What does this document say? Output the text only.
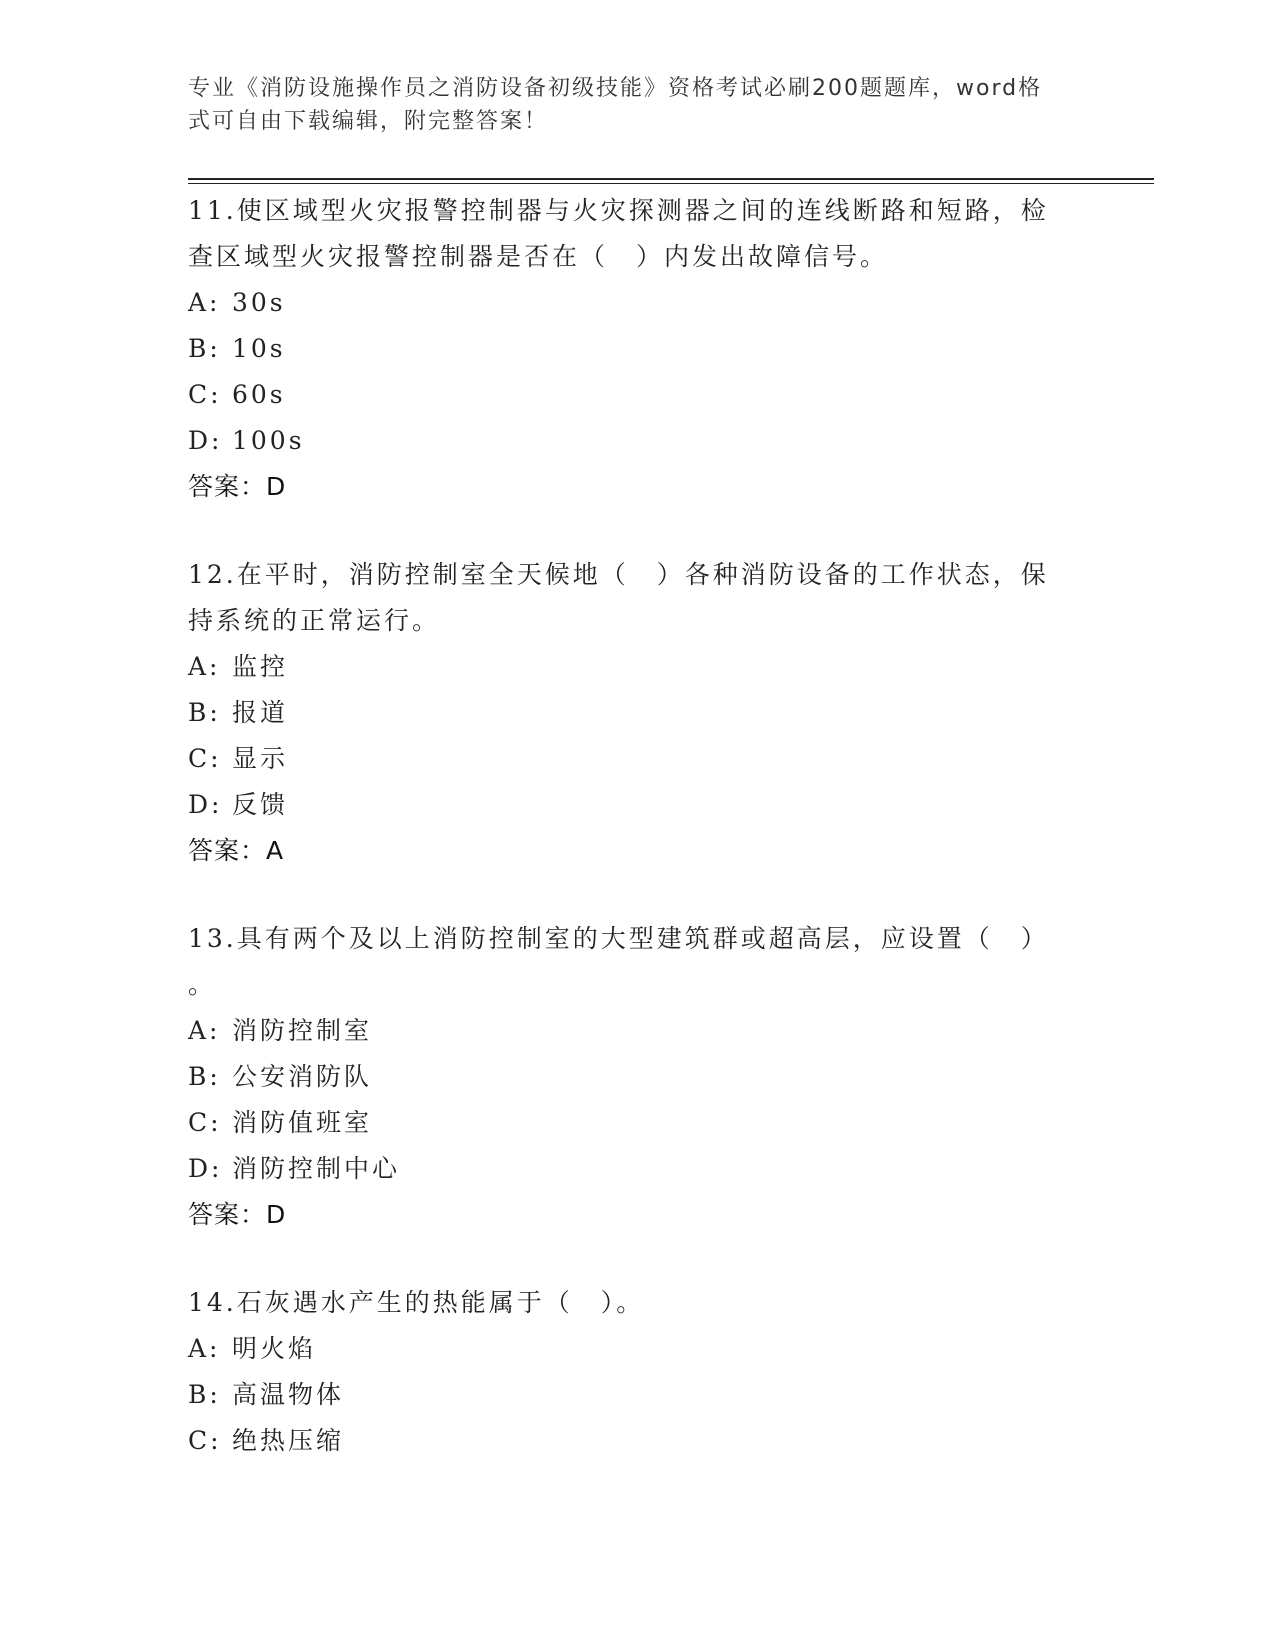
专业《消防设施操作员之消防设备初级技能》资格考试必刷200题题库，word格
式可自由下载编辑，附完整答案！
11.使区域型火灾报警控制器与火灾探测器之间的连线断路和短路，检
查区域型火灾报警控制器是否在（　）内发出故障信号。
A: 30s
B: 10s
C: 60s
D: 100s
答案：D
12.在平时，消防控制室全天候地（　）各种消防设备的工作状态，保
持系统的正常运行。
A: 监控
B: 报道
C: 显示
D: 反馈
答案：A
13.具有两个及以上消防控制室的大型建筑群或超高层，应设置（　）
。
A: 消防控制室
B: 公安消防队
C: 消防值班室
D: 消防控制中心
答案：D
14.石灰遇水产生的热能属于（　）。
A: 明火焰
B: 高温物体
C: 绝热压缩
